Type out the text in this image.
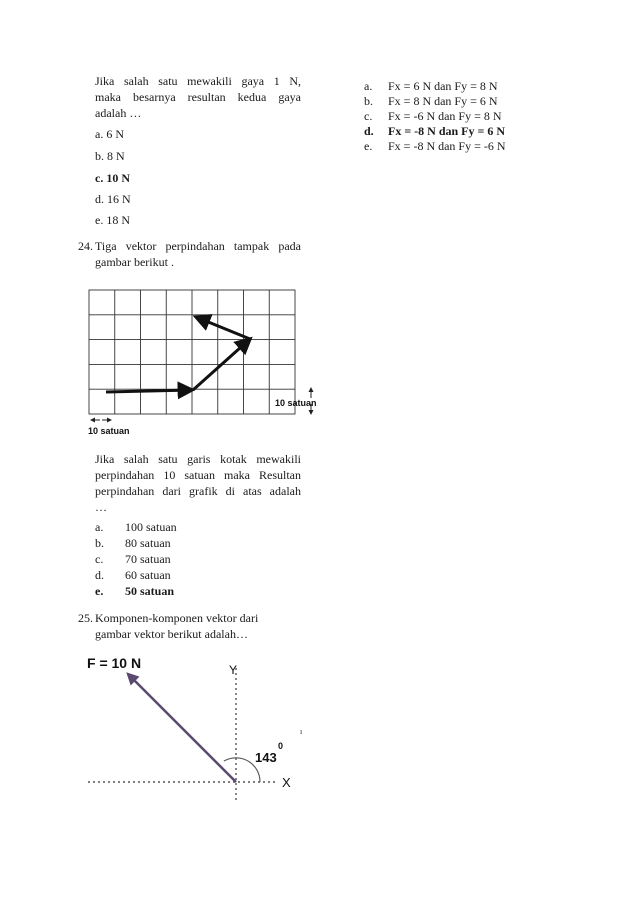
Jika salah satu mewakili gaya 1 N,
maka besarnya resultan kedua gaya
adalah …
a. 6 N
b. 8 N
c. 10 N
d. 16 N
e. 18 N
24. Tiga vektor perpindahan tampak pada
gambar berikut .
10 satuan
10 satuan
Jika salah satu garis kotak mewakili
perpindahan 10 satuan maka Resultan
perpindahan dari grafik di atas adalah
…
a. 100 satuan
b. 80 satuan
c. 70 satuan
d. 60 satuan
e. 50 satuan
25. Komponen-komponen vektor dari
gambar vektor berikut adalah…
F = 10 N	Y
X
143
0
ı
a. Fx = 6 N dan Fy = 8 N
b. Fx = 8 N dan Fy = 6 N
c. Fx = -6 N dan Fy = 8 N
d. Fx = -8 N dan Fy = 6 N
e. Fx = -8 N dan Fy = -6 N
